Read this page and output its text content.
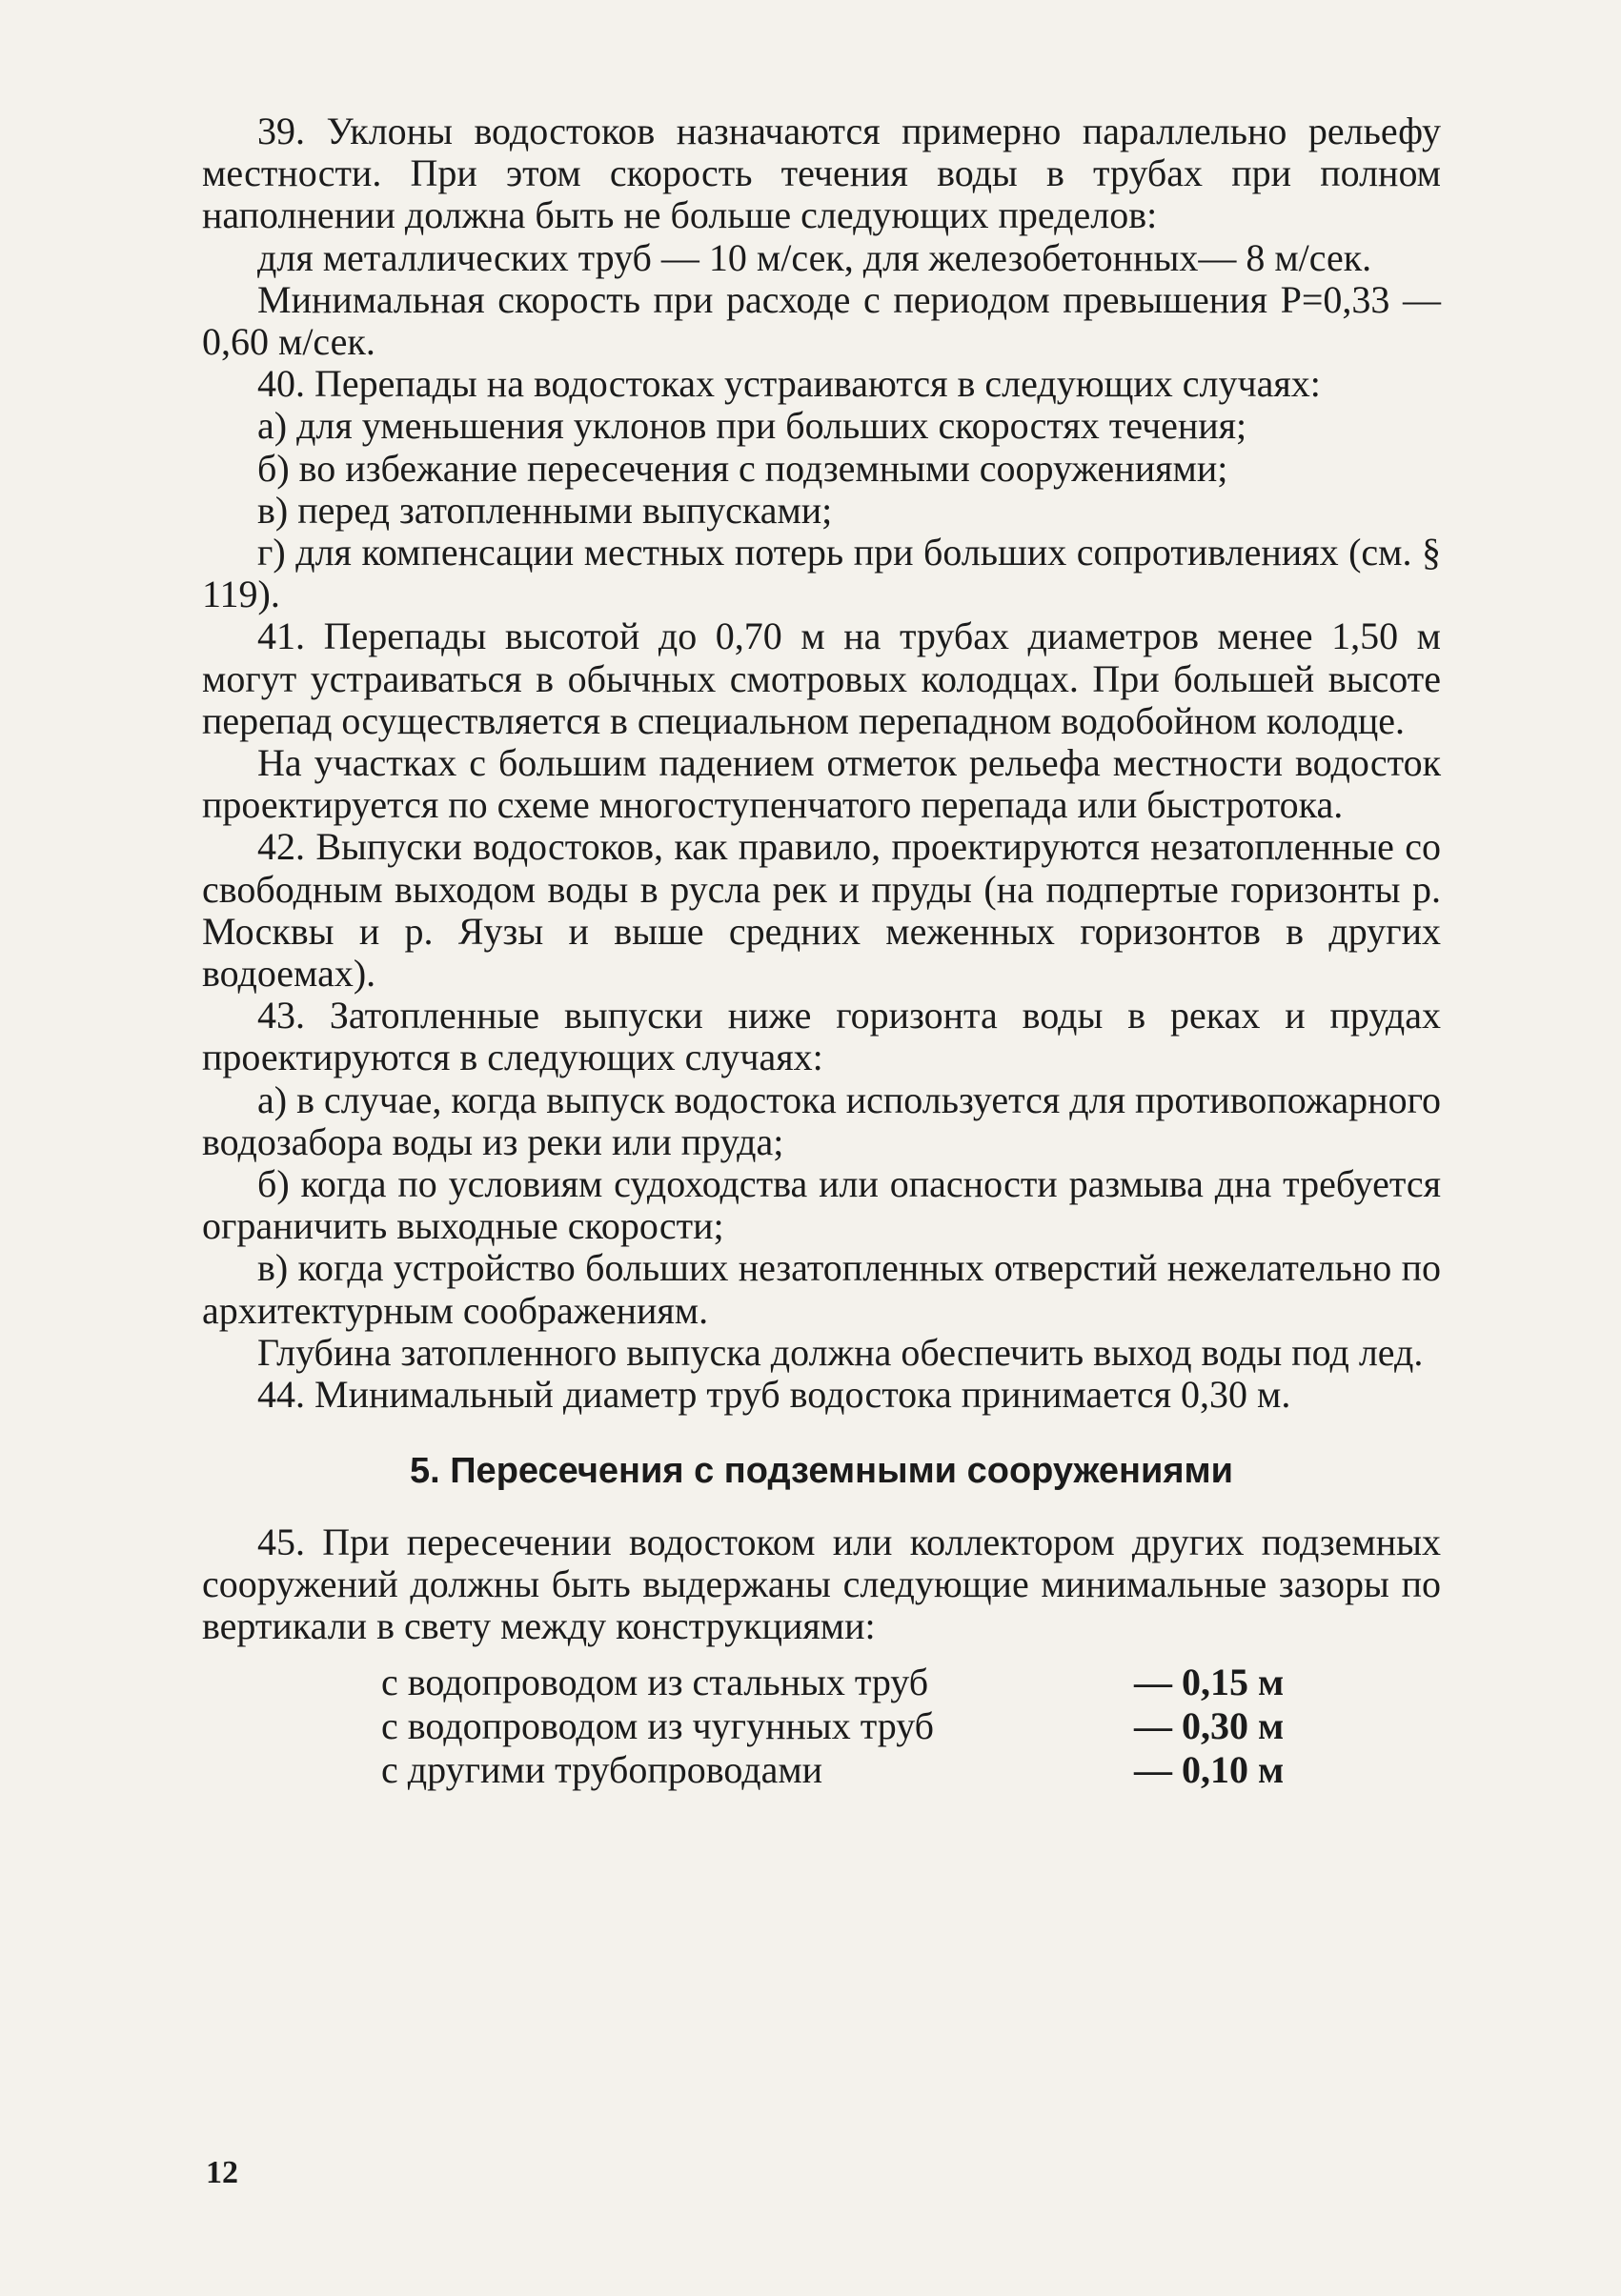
39. Уклоны водостоков назначаются примерно параллельно рельефу местности. При этом скорость течения воды в трубах при полном наполнении должна быть не больше следующих пределов:

для металлических труб — 10 м/сек, для железобетонных— 8 м/сек.

Минимальная скорость при расходе с периодом превышения P=0,33 — 0,60 м/сек.

40. Перепады на водостоках устраиваются в следующих случаях:

а) для уменьшения уклонов при больших скоростях течения;

б) во избежание пересечения с подземными сооружениями;

в) перед затопленными выпусками;

г) для компенсации местных потерь при больших сопротивлениях (см. § 119).

41. Перепады высотой до 0,70 м на трубах диаметров менее 1,50 м могут устраиваться в обычных смотровых колодцах. При большей высоте перепад осуществляется в специальном перепадном водобойном колодце.

На участках с большим падением отметок рельефа местности водосток проектируется по схеме многоступенчатого перепада или быстротока.

42. Выпуски водостоков, как правило, проектируются незатопленные со свободным выходом воды в русла рек и пруды (на подпертые горизонты р. Москвы и р. Яузы и выше средних меженных горизонтов в других водоемах).

43. Затопленные выпуски ниже горизонта воды в реках и прудах проектируются в следующих случаях:

а) в случае, когда выпуск водостока используется для противопожарного водозабора воды из реки или пруда;

б) когда по условиям судоходства или опасности размыва дна требуется ограничить выходные скорости;

в) когда устройство больших незатопленных отверстий нежелательно по архитектурным соображениям.

Глубина затопленного выпуска должна обеспечить выход воды под лед.

44. Минимальный диаметр труб водостока принимается 0,30 м.

5. Пересечения с подземными сооружениями

45. При пересечении водостоком или коллектором других подземных сооружений должны быть выдержаны следующие минимальные зазоры по вертикали в свету между конструкциями:

с водопроводом из стальных труб	— 0,15 м
с водопроводом из чугунных труб	— 0,30 м
с другими трубопроводами	— 0,10 м
12
